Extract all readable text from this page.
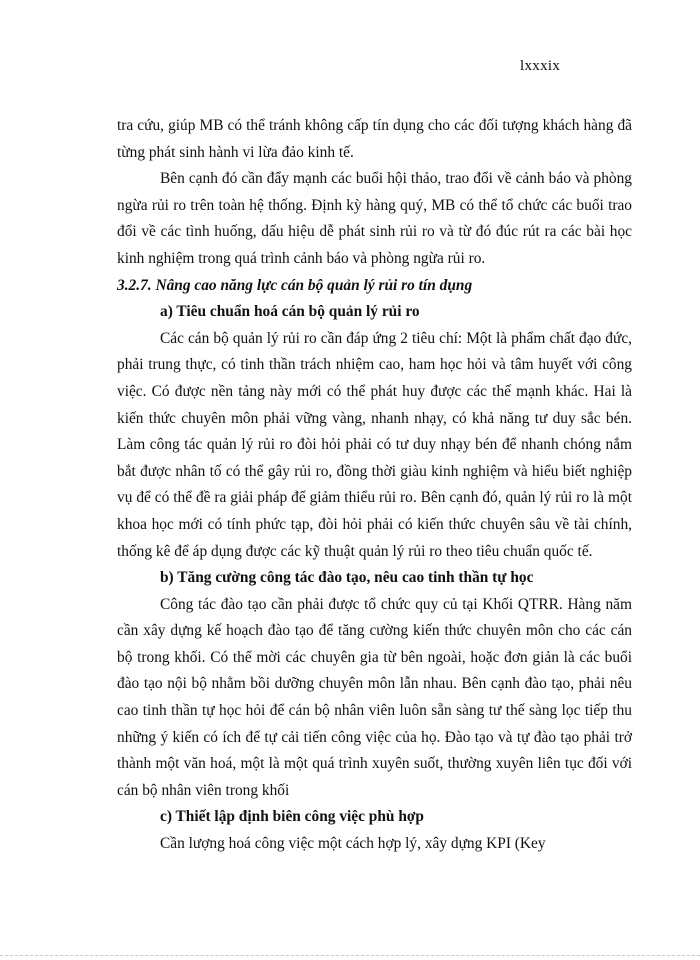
lxxxix

tra cứu, giúp MB có thể tránh không cấp tín dụng cho các đối tượng khách hàng đã từng phát sinh hành vi lừa đảo kinh tế.

Bên cạnh đó cần đẩy mạnh các buổi hội thảo, trao đổi về cảnh báo và phòng ngừa rủi ro trên toàn hệ thống. Định kỳ hàng quý, MB có thể tổ chức các buổi trao đổi về các tình huống, dấu hiệu dễ phát sinh rủi ro và từ đó đúc rút ra các bài học kinh nghiệm trong quá trình cảnh báo và phòng ngừa rủi ro.

3.2.7. Nâng cao năng lực cán bộ quản lý rủi ro tín dụng

a) Tiêu chuẩn hoá cán bộ quản lý rủi ro

Các cán bộ quản lý rủi ro cần đáp ứng 2 tiêu chí: Một là phẩm chất đạo đức, phải trung thực, có tinh thần trách nhiệm cao, ham học hỏi và tâm huyết với công việc. Có được nền tảng này mới có thể phát huy được các thế mạnh khác. Hai là kiến thức chuyên môn phải vững vàng, nhanh nhạy, có khả năng tư duy sắc bén. Làm công tác quản lý rủi ro đòi hỏi phải có tư duy nhạy bén để nhanh chóng nắm bắt được nhân tố có thể gây rủi ro, đồng thời giàu kinh nghiệm và hiểu biết nghiệp vụ để có thể đề ra giải pháp để giảm thiểu rủi ro. Bên cạnh đó, quản lý rủi ro là một khoa học mới có tính phức tạp, đòi hỏi phải có kiến thức chuyên sâu về tài chính, thống kê để áp dụng được các kỹ thuật quản lý rủi ro theo tiêu chuẩn quốc tế.

b) Tăng cường công tác đào tạo, nêu cao tinh thần tự học

Công tác đào tạo cần phải được tổ chức quy củ tại Khối QTRR. Hàng năm cần xây dựng kế hoạch đào tạo để tăng cường kiến thức chuyên môn cho các cán bộ trong khối. Có thể mời các chuyên gia từ bên ngoài, hoặc đơn giản là các buổi đào tạo nội bộ nhằm bồi dưỡng chuyên môn lẫn nhau. Bên cạnh đào tạo, phải nêu cao tinh thần tự học hỏi để cán bộ nhân viên luôn sẵn sàng tư thế sàng lọc tiếp thu những ý kiến có ích để tự cải tiến công việc của họ. Đào tạo và tự đào tạo phải trở thành một văn hoá, một là một quá trình xuyên suốt, thường xuyên liên tục đối với cán bộ nhân viên trong khối

c) Thiết lập định biên công việc phù hợp

Cần lượng hoá công việc một cách hợp lý, xây dựng KPI (Key
